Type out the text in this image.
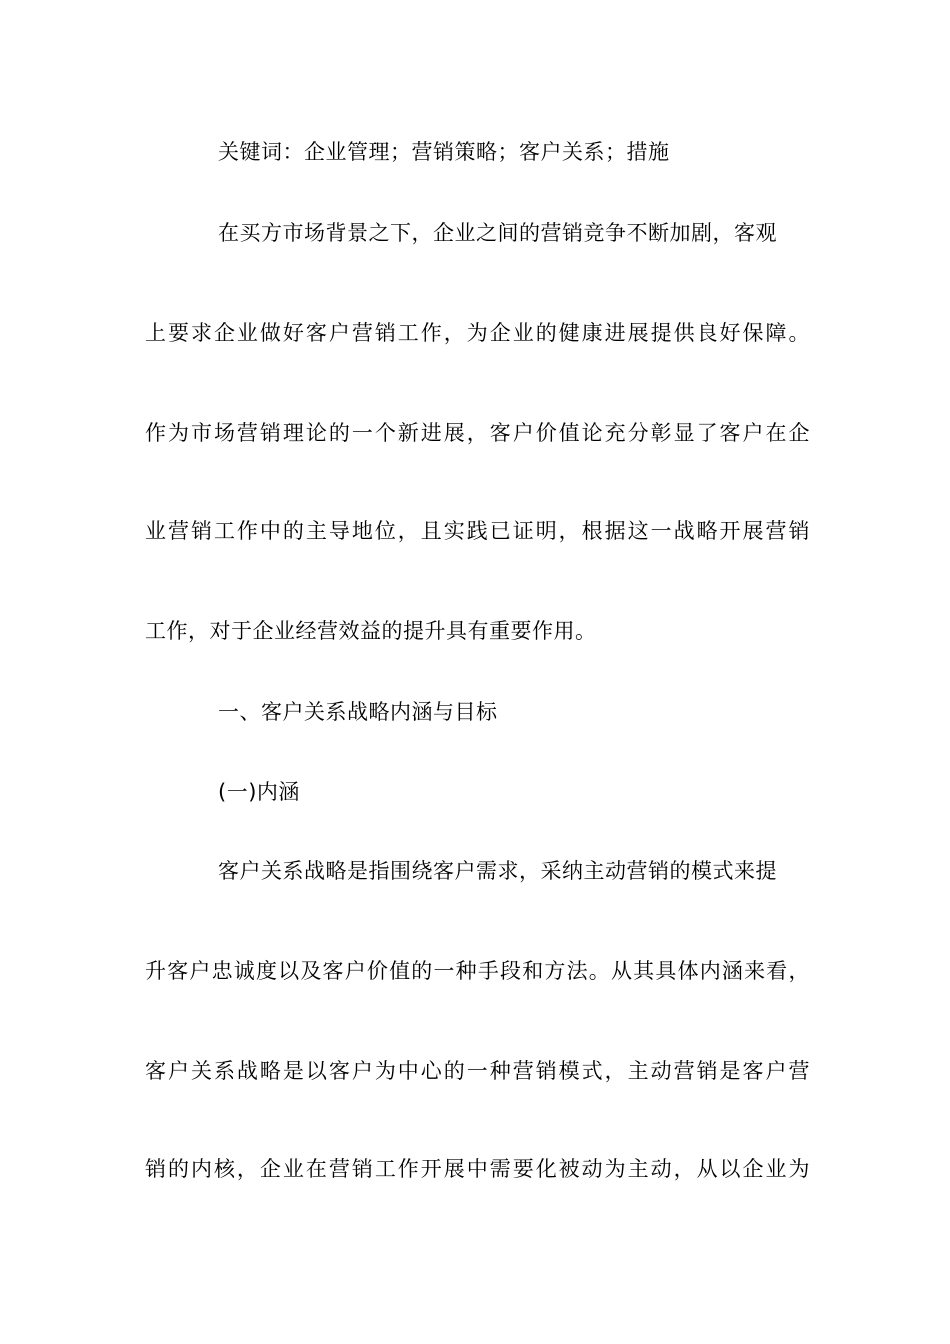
关键词：企业管理；营销策略；客户关系；措施
在买方市场背景之下，企业之间的营销竞争不断加剧，客观
上要求企业做好客户营销工作，为企业的健康进展提供良好保障。
作为市场营销理论的一个新进展，客户价值论充分彰显了客户在企
业营销工作中的主导地位，且实践已证明，根据这一战略开展营销
工作，对于企业经营效益的提升具有重要作用。
一、客户关系战略内涵与目标
(一)内涵
客户关系战略是指围绕客户需求，采纳主动营销的模式来提
升客户忠诚度以及客户价值的一种手段和方法。从其具体内涵来看，
客户关系战略是以客户为中心的一种营销模式，主动营销是客户营
销的内核，企业在营销工作开展中需要化被动为主动，从以企业为
